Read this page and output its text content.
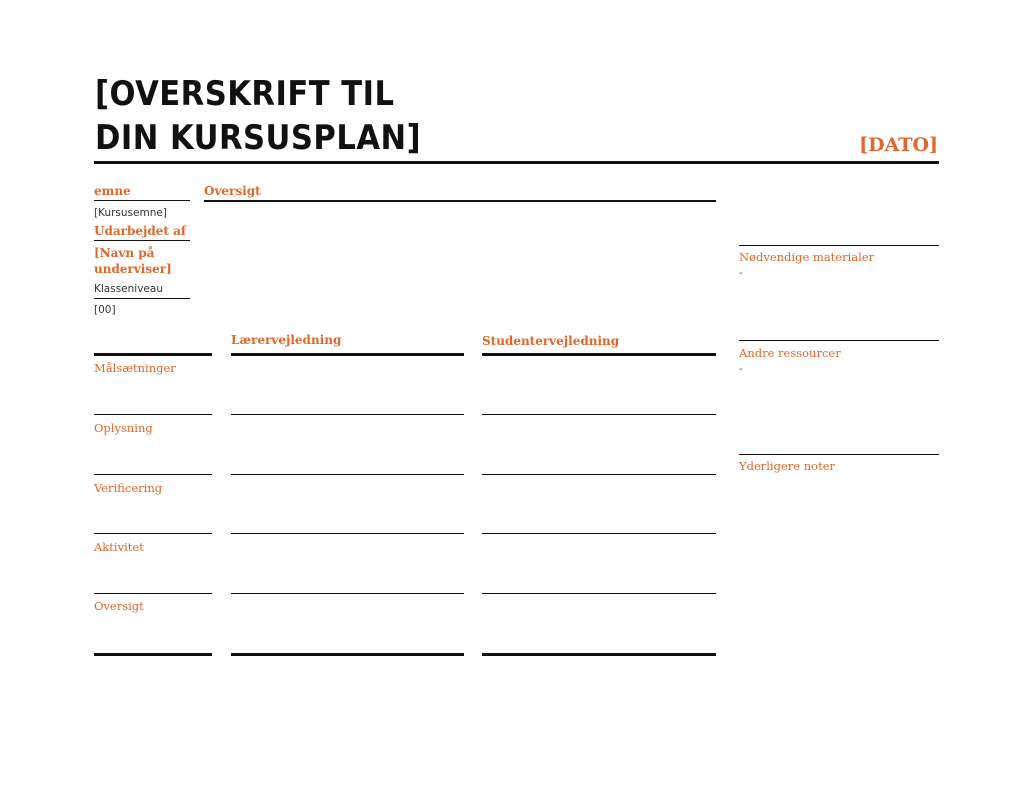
[OVERSKRIFT TIL
DIN KURSUSPLAN]	[DATO]
emne
[Kursusemne]
Udarbejdet af
[Navn på
underviser]
Klasseniveau
[00]
Oversigt
Lærervejledning	Studentervejledning
Målsætninger
Oplysning
Verificering
Aktivitet
Oversigt
Nødvendige materialer
-
Andre ressourcer
-
Yderligere noter
